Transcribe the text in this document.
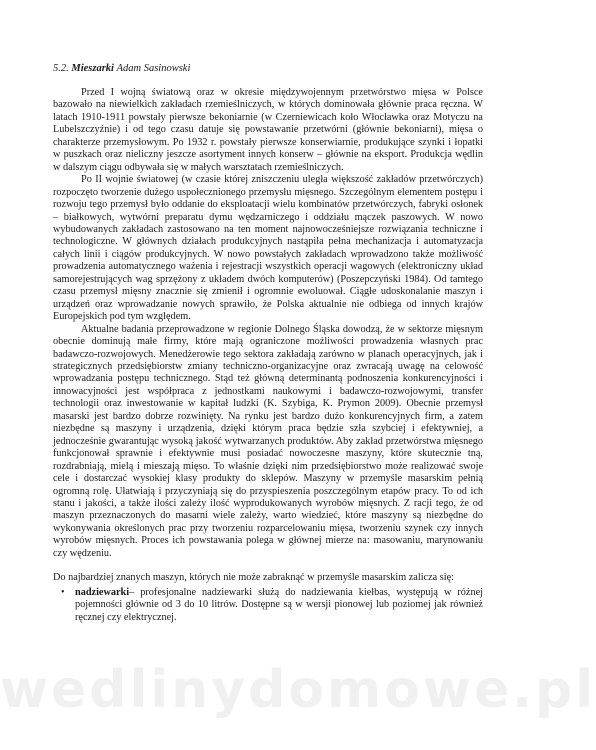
5.2. Mieszarki Adam Sasinowski

Przed I wojną światową oraz w okresie międzywojennym przetwórstwo mięsa w Polsce bazowało na niewielkich zakładach rzemieślniczych, w których dominowała głównie praca ręczna. W latach 1910-1911 powstały pierwsze bekoniarnie (w Czerniewicach koło Włocławka oraz Motyczu na Lubelszczyźnie) i od tego czasu datuje się powstawanie przetwórni (głównie bekoniarni), mięsa o charakterze przemysłowym. Po 1932 r. powstały pierwsze konserwiarnie, produkujące szynki i łopatki w puszkach oraz nieliczny jeszcze asortyment innych konserw – głównie na eksport. Produkcja wędlin w dalszym ciągu odbywała się w małych warsztatach rzemieślniczych.

Po II wojnie światowej (w czasie której zniszczeniu uległa większość zakładów przetwórczych) rozpoczęto tworzenie dużego uspołecznionego przemysłu mięsnego. Szczególnym elementem postępu i rozwoju tego przemysł było oddanie do eksploatacji wielu kombinatów przetwórczych, fabryki osłonek – białkowych, wytwórni preparatu dymu wędzarniczego i oddziału mączek paszowych. W nowo wybudowanych zakładach zastosowano na ten moment najnowocześniejsze rozwiązania techniczne i technologiczne. W głównych działach produkcyjnych nastąpiła pełna mechanizacja i automatyzacja całych linii i ciągów produkcyjnych. W nowo powstałych zakładach wprowadzono także możliwość prowadzenia automatycznego ważenia i rejestracji wszystkich operacji wagowych (elektroniczny układ samorejestrujących wag sprzężony z układem dwóch komputerów) (Poszepczyński 1984). Od tamtego czasu przemysł mięsny znacznie się zmienił i ogromnie ewoluował. Ciągłe udoskonalanie maszyn i urządzeń oraz wprowadzanie nowych sprawiło, że Polska aktualnie nie odbiega od innych krajów Europejskich pod tym względem.

Aktualne badania przeprowadzone w regionie Dolnego Śląska dowodzą, że w sektorze mięsnym obecnie dominują małe firmy, które mają ograniczone możliwości prowadzenia własnych prac badawczo-rozwojowych. Menedżerowie tego sektora zakładają zarówno w planach operacyjnych, jak i strategicznych przedsiębiorstw zmiany techniczno-organizacyjne oraz zwracają uwagę na celowość wprowadzania postępu technicznego. Stąd też główną determinantą podnoszenia konkurencyjności i innowacyjności jest współpraca z jednostkami naukowymi i badawczo-rozwojowymi, transfer technologii oraz inwestowanie w kapitał ludzki (K. Szybiga, K. Prymon 2009). Obecnie przemysł masarski jest bardzo dobrze rozwinięty. Na rynku jest bardzo dużo konkurencyjnych firm, a zatem niezbędne są maszyny i urządzenia, dzięki którym praca będzie szła szybciej i efektywniej, a jednocześnie gwarantując wysoką jakość wytwarzanych produktów. Aby zakład przetwórstwa mięsnego funkcjonował sprawnie i efektywnie musi posiadać nowoczesne maszyny, które skutecznie tną, rozdrabniają, mielą i mieszają mięso. To właśnie dzięki nim przedsiębiorstwo może realizować swoje cele i dostarczać wysokiej klasy produkty do sklepów. Maszyny w przemyśle masarskim pełnią ogromną rolę. Ułatwiają i przyczyniają się do przyspieszenia poszczególnym etapów pracy. To od ich stanu i jakości, a także ilości zależy ilość wyprodukowanych wyrobów mięsnych. Z racji tego, że od maszyn przeznaczonych do masarni wiele zależy, warto wiedzieć, które maszyny są niezbędne do wykonywania określonych prac przy tworzeniu rozparcelowaniu mięsa, tworzeniu szynek czy innych wyrobów mięsnych. Proces ich powstawania polega w głównej mierze na: masowaniu, marynowaniu czy wędzeniu.

Do najbardziej znanych maszyn, których nie może zabraknąć w przemyśle masarskim zalicza się:

• nadziewarki– profesjonalne nadziewarki służą do nadziewania kiełbas, występują w różnej pojemności głównie od 3 do 10 litrów. Dostępne są w wersji pionowej lub poziomej jak również ręcznej czy elektrycznej.
wedlinydomowe.pl
